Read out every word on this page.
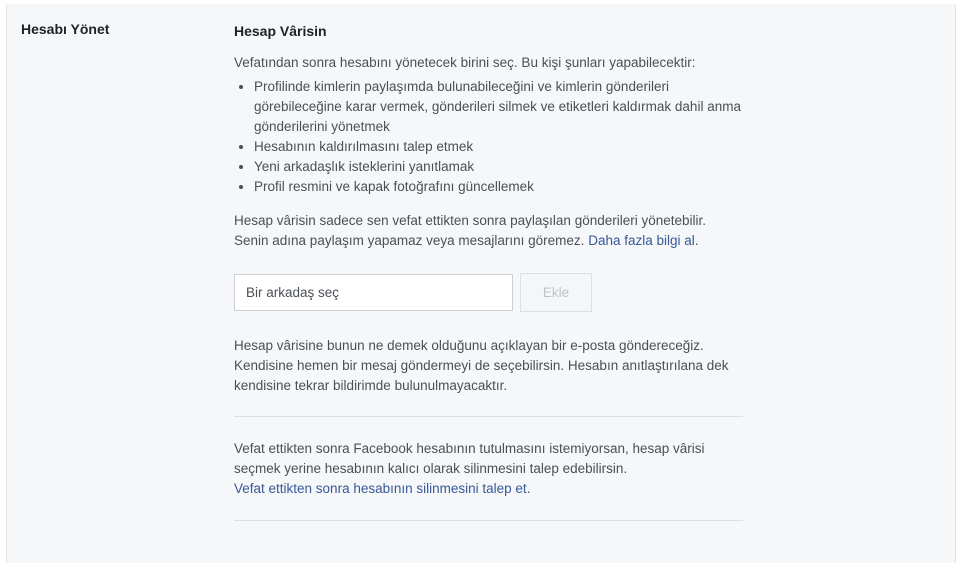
Hesabı Yönet	Hesap Vârisin

Vefatından sonra hesabını yönetecek birini seç. Bu kişi şunları yapabilecektir:

• Profilinde kimlerin paylaşımda bulunabileceğini ve kimlerin gönderileri görebileceğine karar vermek, gönderileri silmek ve etiketleri kaldırmak dahil anma gönderilerini yönetmek
• Hesabının kaldırılmasını talep etmek
• Yeni arkadaşlık isteklerini yanıtlamak
• Profil resmini ve kapak fotoğrafını güncellemek
Hesap vârisin sadece sen vefat ettikten sonra paylaşılan gönderileri yönetebilir. Senin adına paylaşım yapamaz veya mesajlarını göremez. Daha fazla bilgi al.
Bir arkadaş seç
Ekle
Hesap vârisine bunun ne demek olduğunu açıklayan bir e-posta göndereceğiz. Kendisine hemen bir mesaj göndermeyi de seçebilirsin. Hesabın anıtlaştırılana dek kendisine tekrar bildirimde bulunulmayacaktır.
Vefat ettikten sonra Facebook hesabının tutulmasını istemiyorsan, hesap vârisi seçmek yerine hesabının kalıcı olarak silinmesini talep edebilirsin.
Vefat ettikten sonra hesabının silinmesini talep et.
